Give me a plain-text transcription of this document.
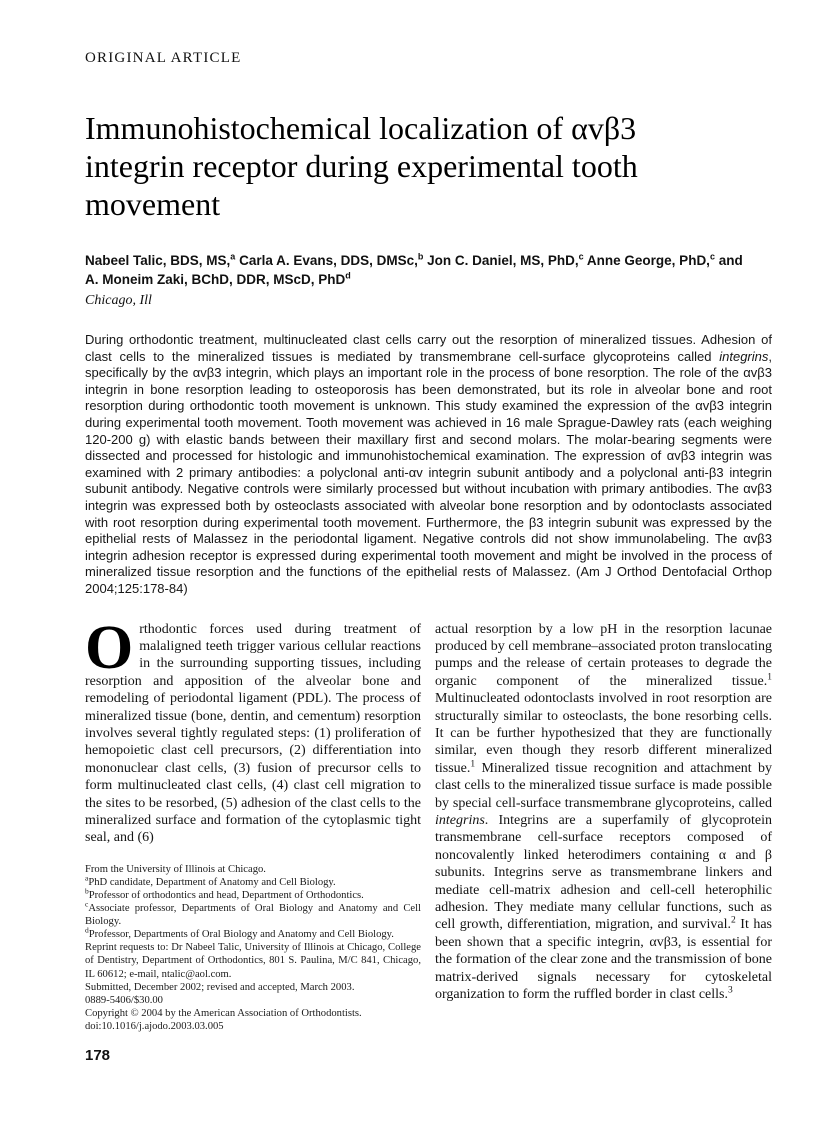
ORIGINAL ARTICLE
Immunohistochemical localization of αvβ3
integrin receptor during experimental tooth
movement
Nabeel Talic, BDS, MS,$^a$ Carla A. Evans, DDS, DMSc,$^b$ Jon C. Daniel, MS, PhD,$^c$ Anne George, PhD,$^c$ and
A. Moneim Zaki, BChD, DDR, MScD, PhD$^d$
Chicago, Ill
During orthodontic treatment, multinucleated clast cells carry out the resorption of mineralized tissues. Adhesion of clast cells to the mineralized tissues is mediated by transmembrane cell-surface glycoproteins called integrins, specifically by the αvβ3 integrin, which plays an important role in the process of bone resorption. The role of the αvβ3 integrin in bone resorption leading to osteoporosis has been demonstrated, but its role in alveolar bone and root resorption during orthodontic tooth movement is unknown. This study examined the expression of the αvβ3 integrin during experimental tooth movement. Tooth movement was achieved in 16 male Sprague-Dawley rats (each weighing 120-200 g) with elastic bands between their maxillary first and second molars. The molar-bearing segments were dissected and processed for histologic and immunohistochemical examination. The expression of αvβ3 integrin was examined with 2 primary antibodies: a polyclonal anti-αv integrin subunit antibody and a polyclonal anti-β3 integrin subunit antibody. Negative controls were similarly processed but without incubation with primary antibodies. The αvβ3 integrin was expressed both by osteoclasts associated with alveolar bone resorption and by odontoclasts associated with root resorption during experimental tooth movement. Furthermore, the β3 integrin subunit was expressed by the epithelial rests of Malassez in the periodontal ligament. Negative controls did not show immunolabeling. The αvβ3 integrin adhesion receptor is expressed during experimental tooth movement and might be involved in the process of mineralized tissue resorption and the functions of the epithelial rests of Malassez. (Am J Orthod Dentofacial Orthop 2004;125:178-84)

Orthodontic forces used during treatment of malaligned teeth trigger various cellular reactions in the surrounding supporting tissues, including resorption and apposition of the alveolar bone and remodeling of periodontal ligament (PDL). The process of mineralized tissue (bone, dentin, and cementum) resorption involves several tightly regulated steps: (1) proliferation of hemopoietic clast cell precursors, (2) differentiation into mononuclear clast cells, (3) fusion of precursor cells to form multinucleated clast cells, (4) clast cell migration to the sites to be resorbed, (5) adhesion of the clast cells to the mineralized surface and formation of the cytoplasmic tight seal, and (6)

From the University of Illinois at Chicago.

$^a$PhD candidate, Department of Anatomy and Cell Biology.

$^b$Professor of orthodontics and head, Department of Orthodontics.

$^c$Associate professor, Departments of Oral Biology and Anatomy and Cell Biology.

$^d$Professor, Departments of Oral Biology and Anatomy and Cell Biology.

Reprint requests to: Dr Nabeel Talic, University of Illinois at Chicago, College of Dentistry, Department of Orthodontics, 801 S. Paulina, M/C 841, Chicago, IL 60612; e-mail, ntalic@aol.com.

Submitted, December 2002; revised and accepted, March 2003.

0889-5406/$30.00

Copyright © 2004 by the American Association of Orthodontists.

doi:10.1016/j.ajodo.2003.03.005

actual resorption by a low pH in the resorption lacunae produced by cell membrane–associated proton translocating pumps and the release of certain proteases to degrade the organic component of the mineralized tissue.$^1$ Multinucleated odontoclasts involved in root resorption are structurally similar to osteoclasts, the bone resorbing cells. It can be further hypothesized that they are functionally similar, even though they resorb different mineralized tissue.$^1$ Mineralized tissue recognition and attachment by clast cells to the mineralized tissue surface is made possible by special cell-surface transmembrane glycoproteins, called integrins. Integrins are a superfamily of glycoprotein transmembrane cell-surface receptors composed of noncovalently linked heterodimers containing α and β subunits. Integrins serve as transmembrane linkers and mediate cell-matrix adhesion and cell-cell heterophilic adhesion. They mediate many cellular functions, such as cell growth, differentiation, migration, and survival.$^2$ It has been shown that a specific integrin, αvβ3, is essential for the formation of the clear zone and the transmission of bone matrix-derived signals necessary for cytoskeletal organization to form the ruffled border in clast cells.$^3$

178
